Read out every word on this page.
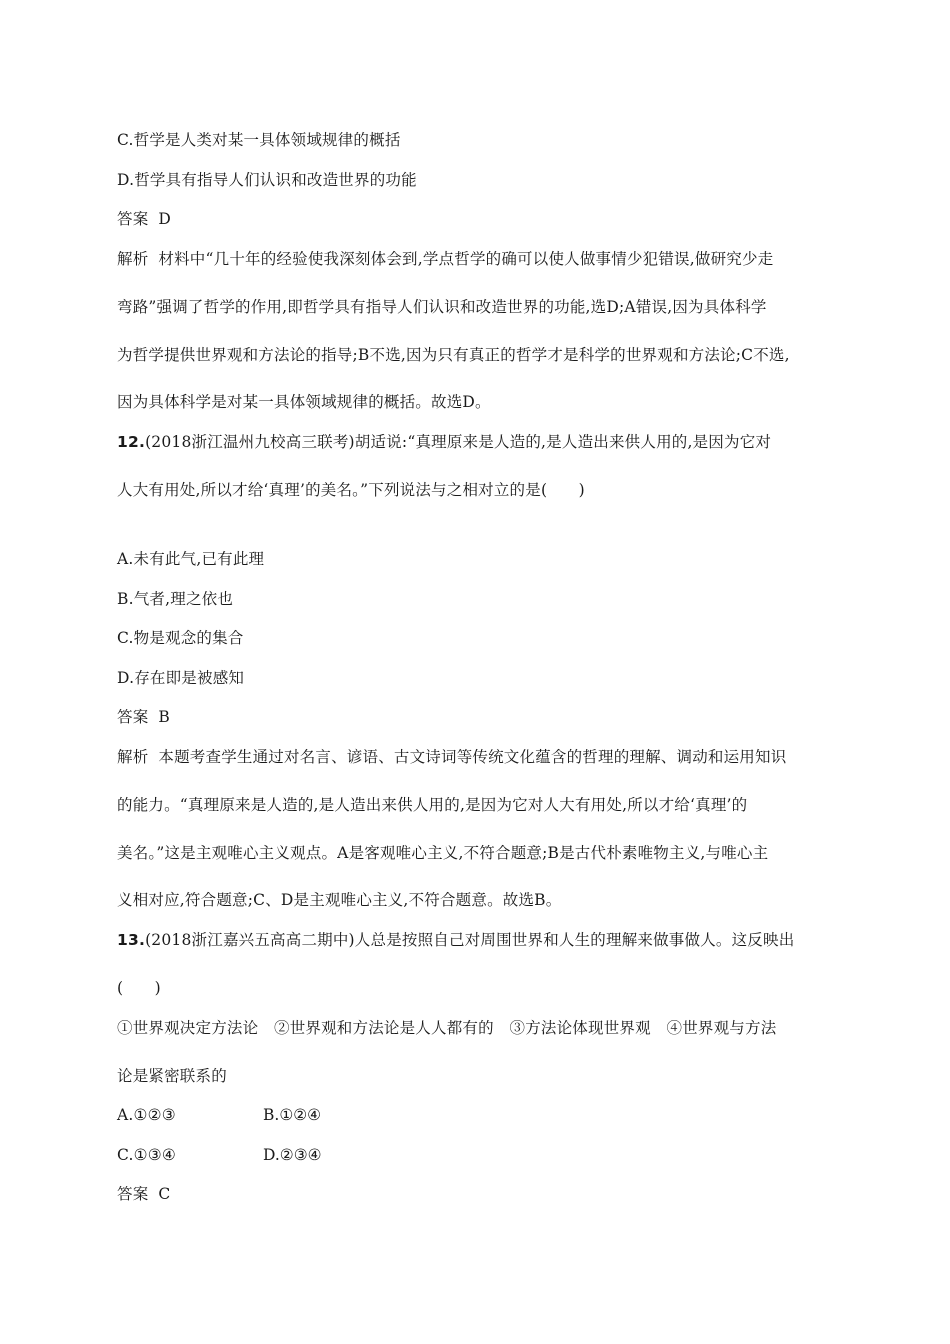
C.哲学是人类对某一具体领域规律的概括

D.哲学具有指导人们认识和改造世界的功能

答案 D

解析 材料中“几十年的经验使我深刻体会到,学点哲学的确可以使人做事情少犯错误,做研究少走

弯路”强调了哲学的作用,即哲学具有指导人们认识和改造世界的功能,选D;A错误,因为具体科学

为哲学提供世界观和方法论的指导;B不选,因为只有真正的哲学才是科学的世界观和方法论;C不选,

因为具体科学是对某一具体领域规律的概括。故选D。

12.(2018浙江温州九校高三联考)胡适说:“真理原来是人造的,是人造出来供人用的,是因为它对

人大有用处,所以才给‘真理’的美名。”下列说法与之相对立的是(　　)

A.未有此气,已有此理

B.气者,理之依也

C.物是观念的集合

D.存在即是被感知

答案 B

解析 本题考查学生通过对名言、谚语、古文诗词等传统文化蕴含的哲理的理解、调动和运用知识

的能力。“真理原来是人造的,是人造出来供人用的,是因为它对人大有用处,所以才给‘真理’的

美名。”这是主观唯心主义观点。A是客观唯心主义,不符合题意;B是古代朴素唯物主义,与唯心主

义相对应,符合题意;C、D是主观唯心主义,不符合题意。故选B。

13.(2018浙江嘉兴五高高二期中)人总是按照自己对周围世界和人生的理解来做事做人。这反映出

(　　)

①世界观决定方法论　②世界观和方法论是人人都有的　③方法论体现世界观　④世界观与方法

论是紧密联系的

A.①②③	B.①②④

C.①③④	D.②③④

答案 C
